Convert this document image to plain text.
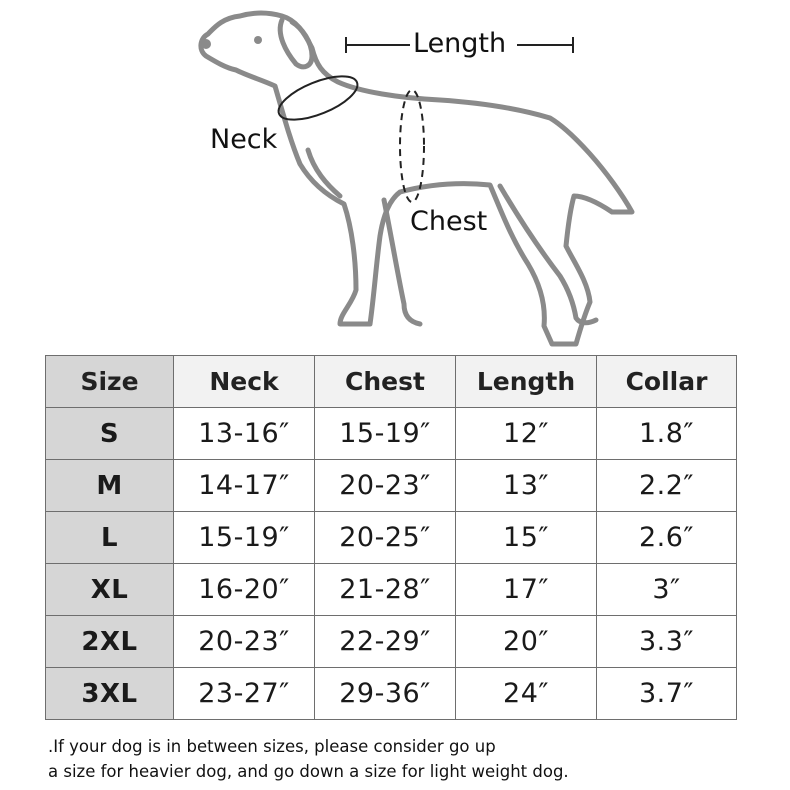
Length
Neck
Chest
Size	Neck	Chest	Length	Collar
S	13-16″	15-19″	12″	1.8″
M	14-17″	20-23″	13″	2.2″
L	15-19″	20-25″	15″	2.6″
XL	16-20″	21-28″	17″	3″
2XL	20-23″	22-29″	20″	3.3″
3XL	23-27″	29-36″	24″	3.7″
.If your dog is in between sizes, please consider go up
a size for heavier dog, and go down a size for light weight dog.
